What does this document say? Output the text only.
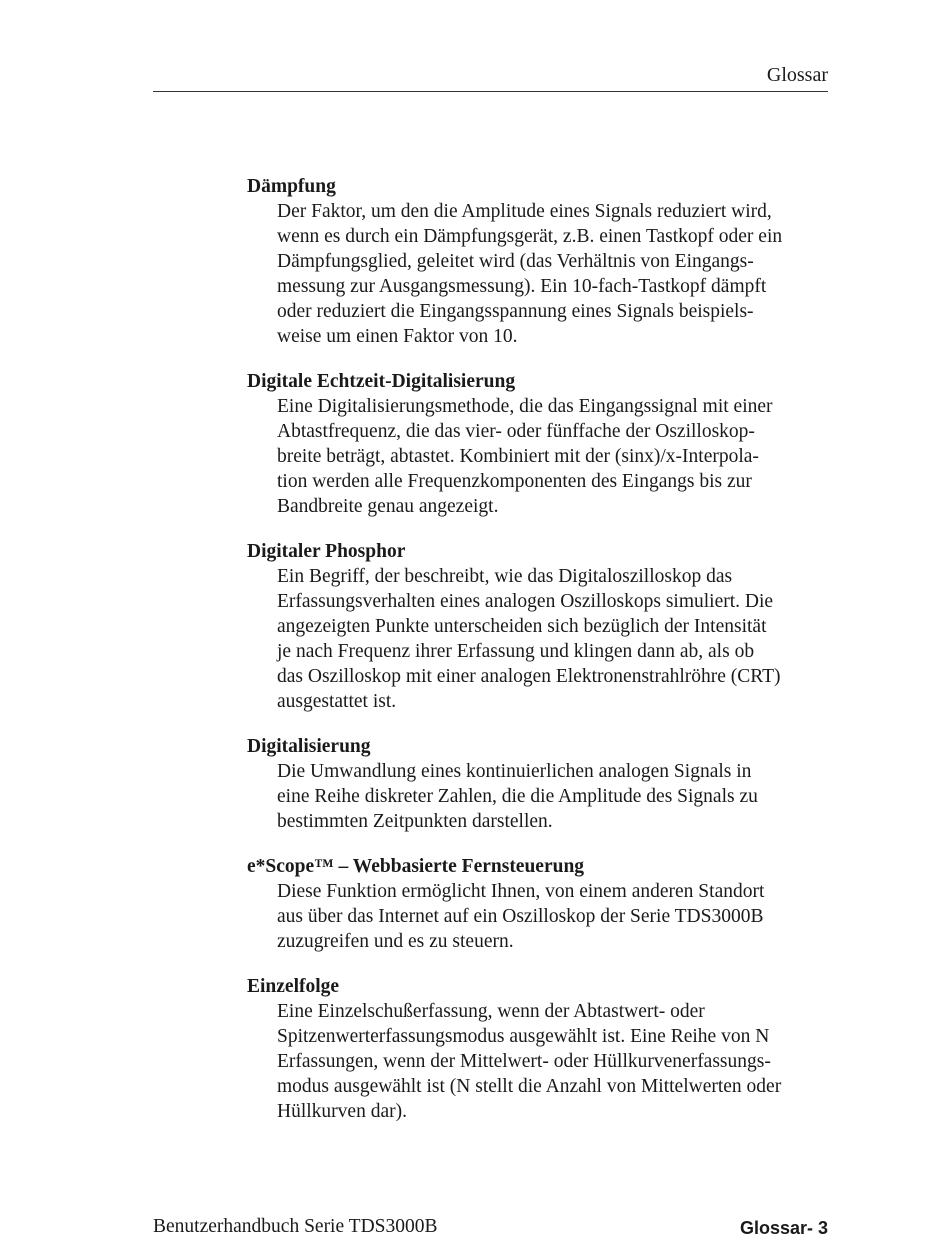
Glossar
Dämpfung
Der Faktor, um den die Amplitude eines Signals reduziert wird,
wenn es durch ein Dämpfungsgerät, z.B. einen Tastkopf oder ein
Dämpfungsglied, geleitet wird (das Verhältnis von Eingangs-
messung zur Ausgangsmessung). Ein 10-fach-Tastkopf dämpft
oder reduziert die Eingangsspannung eines Signals beispiels-
weise um einen Faktor von 10.
Digitale Echtzeit-Digitalisierung
Eine Digitalisierungsmethode, die das Eingangssignal mit einer
Abtastfrequenz, die das vier- oder fünffache der Oszilloskop-
breite beträgt, abtastet. Kombiniert mit der (sinx)/x-Interpola-
tion werden alle Frequenzkomponenten des Eingangs bis zur
Bandbreite genau angezeigt.
Digitaler Phosphor
Ein Begriff, der beschreibt, wie das Digitaloszilloskop das
Erfassungsverhalten eines analogen Oszilloskops simuliert. Die
angezeigten Punkte unterscheiden sich bezüglich der Intensität
je nach Frequenz ihrer Erfassung und klingen dann ab, als ob
das Oszilloskop mit einer analogen Elektronenstrahlröhre (CRT)
ausgestattet ist.
Digitalisierung
Die Umwandlung eines kontinuierlichen analogen Signals in
eine Reihe diskreter Zahlen, die die Amplitude des Signals zu
bestimmten Zeitpunkten darstellen.
e*Scope™ – Webbasierte Fernsteuerung
Diese Funktion ermöglicht Ihnen, von einem anderen Standort
aus über das Internet auf ein Oszilloskop der Serie TDS3000B
zuzugreifen und es zu steuern.
Einzelfolge
Eine Einzelschußerfassung, wenn der Abtastwert- oder
Spitzenwerterfassungsmodus ausgewählt ist. Eine Reihe von N
Erfassungen, wenn der Mittelwert- oder Hüllkurvenerfassungs-
modus ausgewählt ist (N stellt die Anzahl von Mittelwerten oder
Hüllkurven dar).
Benutzerhandbuch Serie TDS3000B	Glossar- 3
